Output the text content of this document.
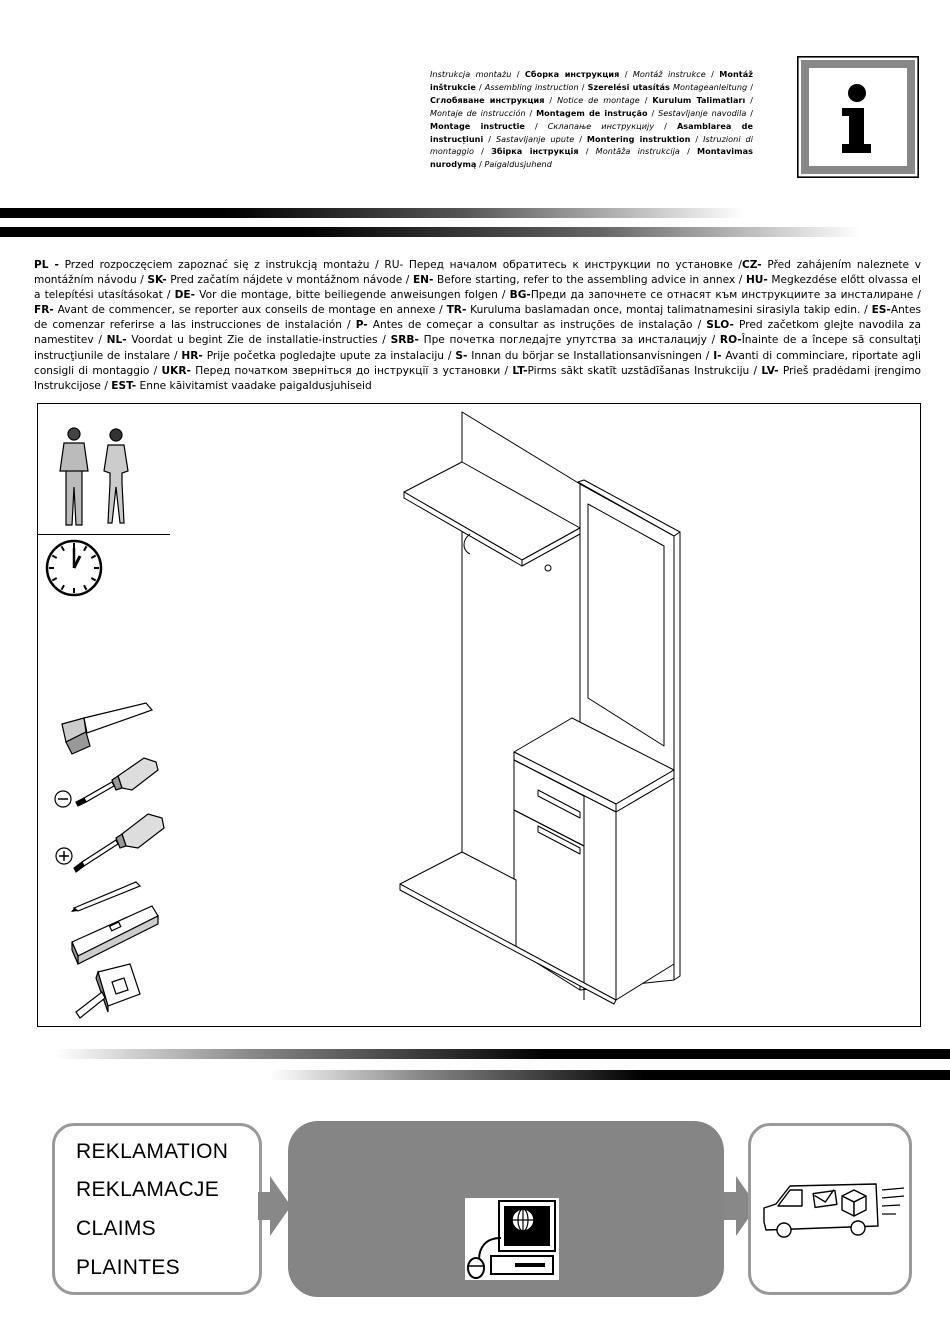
Instrukcja montażu / Сборка инструкция / Montáž instrukce / Montáž inštrukcie / Assembling instruction / Szerelési utasítás Montageanleitung / Сглобяване инструкция / Notice de montage / Kurulum Talimatları / Montaje de instrucción / Montagem de instrução / Sestavljanje navodila / Montage instructie / Склапање инструкцију / Asamblarea de instrucțiuni / Sastavljanje upute / Montering instruktion / Istruzioni di montaggio / Збірка інструкція / Montāža instrukcija / Montavimas nurodymą / Paigaldusjuhend
PL - Przed rozpoczęciem zapoznać się z instrukcją montażu / RU- Перед началом обратитесь к инструкции по установке /CZ- Před zahájením naleznete v montážním návodu / SK- Pred začatím nájdete v montážnom návode / EN- Before starting, refer to the assembling advice in annex / HU- Megkezdése előtt olvassa el a telepítési utasításokat / DE- Vor die montage, bitte beiliegende anweisungen folgen / BG-Преди да започнете се отнасят към инструкциите за инсталиране / FR- Avant de commencer, se reporter aux conseils de montage en annexe / TR- Kuruluma baslamadan once, montaj talimatnamesini sirasiyla takip edin. / ES-Antes de comenzar referirse a las instrucciones de instalación / P- Antes de começar a consultar as instruções de instalação / SLO- Pred začetkom glejte navodila za namestitev / NL- Voordat u begint Zie de installatie-instructies / SRB- Пре почетка погледајте упутства за инсталацију / RO-Înainte de a începe să consultaţi instrucţiunile de instalare / HR- Prije početka pogledajte upute za instalaciju / S- Innan du börjar se Installationsanvisningen / I- Avanti di comminciare, riportate agli consigli di montaggio / UKR- Перед початком зверніться до інструкції з установки / LT-Pirms sākt skatīt uzstādīšanas Instrukciju / LV- Prieš pradėdami įrengimo Instrukcijose / EST- Enne kāivitamist vaadake paigaldusjuhiseid
REKLAMATION
REKLAMACJE
CLAIMS
PLAINTES
